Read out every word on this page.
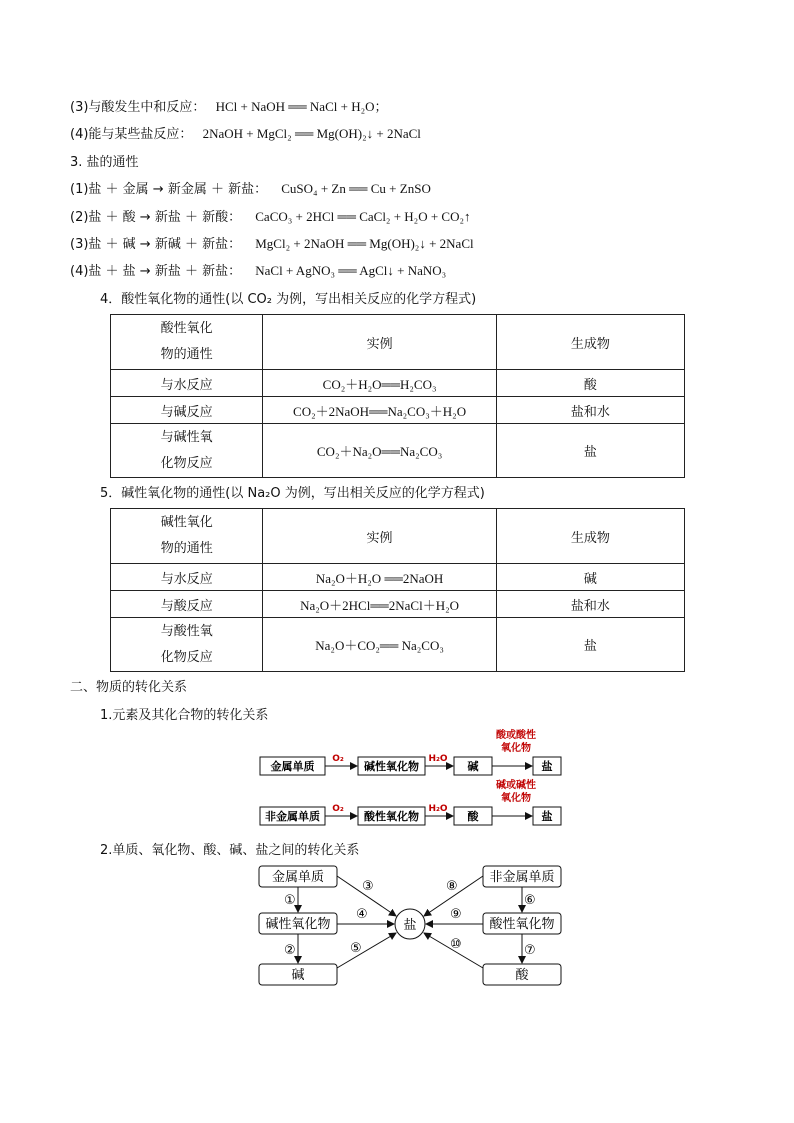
(3)与酸发生中和反应： HCl + NaOH ══ NaCl + H₂O；
(4)能与某些盐反应： 2NaOH + MgCl₂ ══ Mg(OH)₂↓ + 2NaCl
3. 盐的通性
(1)盐 ＋ 金属 → 新金属 ＋ 新盐： CuSO₄ + Zn ══ Cu + ZnSO
(2)盐 ＋ 酸 → 新盐 ＋ 新酸： CaCO₃ + 2HCl ══ CaCl₂ + H₂O + CO₂↑
(3)盐 ＋ 碱 → 新碱 ＋ 新盐： MgCl₂ + 2NaOH ══ Mg(OH)₂↓ + 2NaCl
(4)盐 ＋ 盐 → 新盐 ＋ 新盐： NaCl + AgNO₃ ══ AgCl↓ + NaNO₃
4．酸性氧化物的通性(以 CO₂ 为例，写出相关反应的化学方程式)
酸性氧化
物的通性	实例	生成物
与水反应	CO₂＋H₂O══H₂CO₃	酸
与碱反应	CO₂＋2NaOH══Na₂CO₃＋H₂O	盐和水
与碱性氧
化物反应	CO₂＋Na₂O══Na₂CO₃	盐
5．碱性氧化物的通性(以 Na₂O 为例，写出相关反应的化学方程式)
碱性氧化
物的通性	实例	生成物
与水反应	Na₂O＋H₂O ══2NaOH	碱
与酸反应	Na₂O＋2HCl══2NaCl＋H₂O	盐和水
与酸性氧
化物反应	Na₂O＋CO₂══ Na₂CO₃	盐
二、物质的转化关系
1.元素及其化合物的转化关系
金属单质
O₂
碱性氧化物
H₂O
碱
酸或酸性
氧化物
盐
非金属单质
O₂
酸性氧化物
H₂O
酸
碱或碱性
氧化物
盐
2.单质、氧化物、酸、碱、盐之间的转化关系
金属单质
碱性氧化物
碱
非金属单质
酸性氧化物
酸
盐
①
②
③
④
⑤
⑥
⑦
⑧
⑨
⑩
